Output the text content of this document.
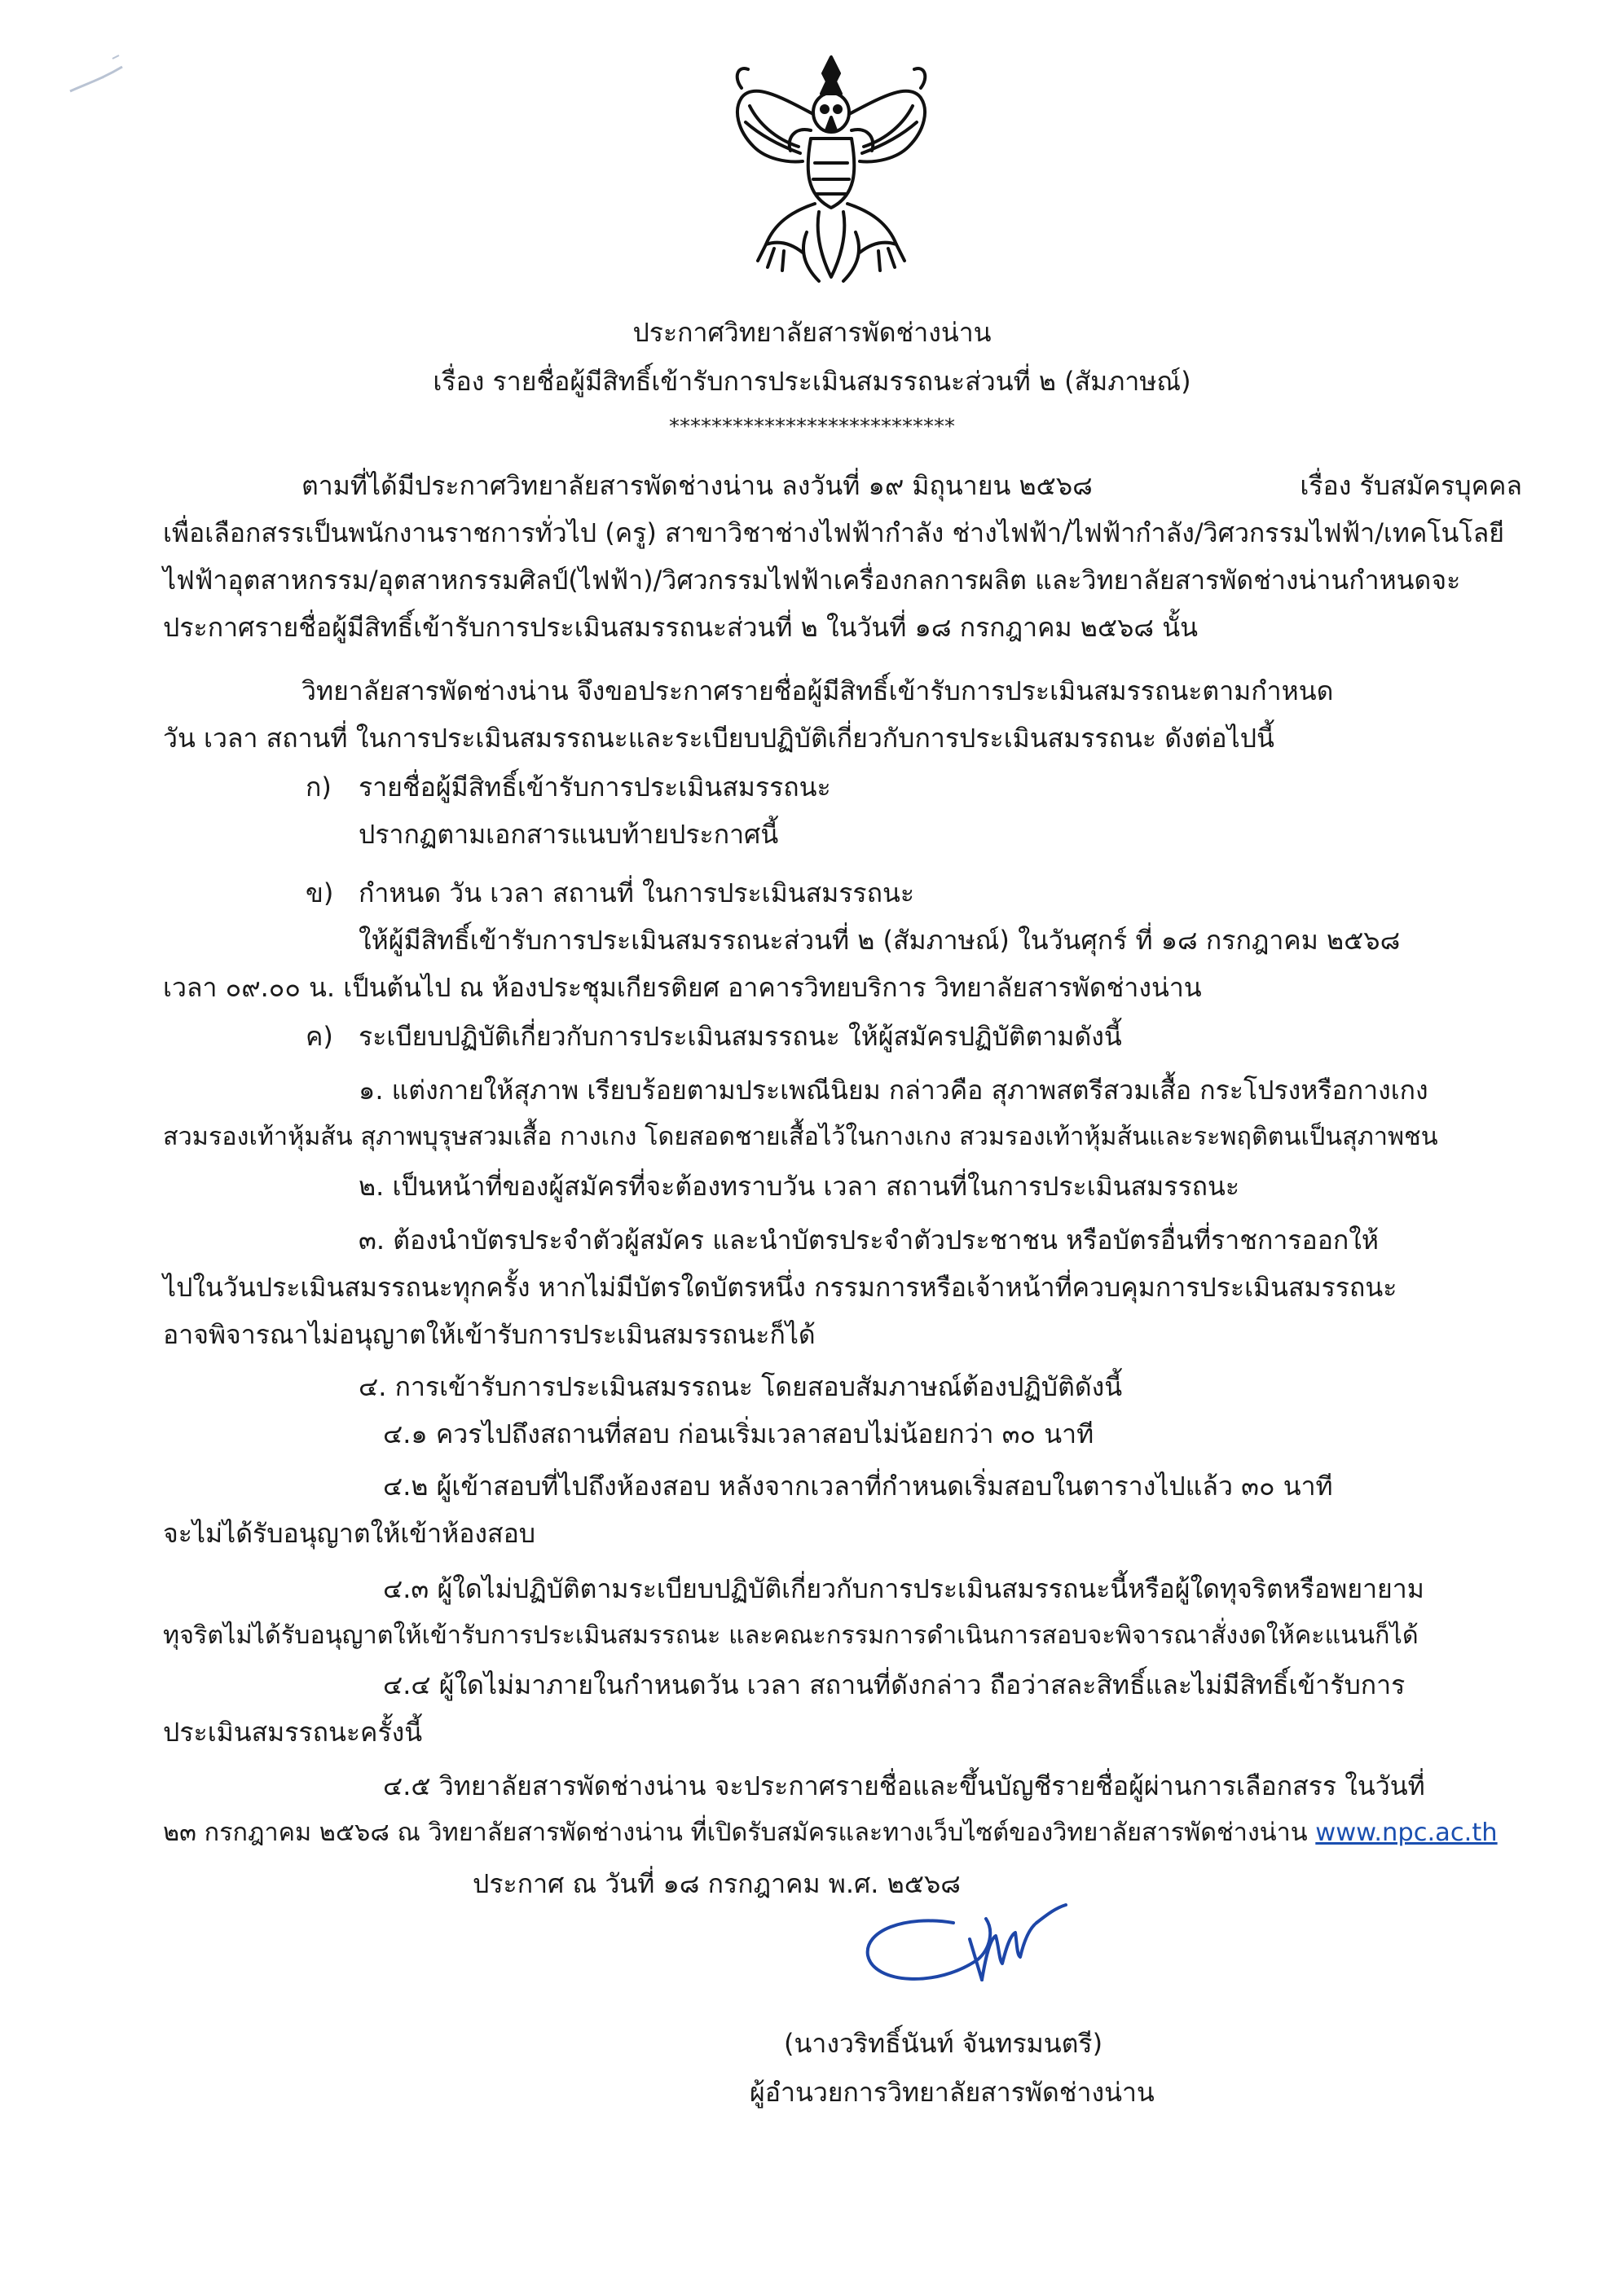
ประกาศวิทยาลัยสารพัดช่างน่าน
เรื่อง รายชื่อผู้มีสิทธิ์เข้ารับการประเมินสมรรถนะส่วนที่ ๒ (สัมภาษณ์)
***************************
ตามที่ได้มีประกาศวิทยาลัยสารพัดช่างน่าน ลงวันที่ ๑๙ มิถุนายน ๒๕๖๘	เรื่อง รับสมัครบุคคล
เพื่อเลือกสรรเป็นพนักงานราชการทั่วไป (ครู) สาขาวิชาช่างไฟฟ้ากำลัง ช่างไฟฟ้า/ไฟฟ้ากำลัง/วิศวกรรมไฟฟ้า/เทคโนโลยี
ไฟฟ้าอุตสาหกรรม/อุตสาหกรรมศิลป์(ไฟฟ้า)/วิศวกรรมไฟฟ้าเครื่องกลการผลิต และวิทยาลัยสารพัดช่างน่านกำหนดจะ
ประกาศรายชื่อผู้มีสิทธิ์เข้ารับการประเมินสมรรถนะส่วนที่ ๒ ในวันที่ ๑๘ กรกฎาคม ๒๕๖๘ นั้น
วิทยาลัยสารพัดช่างน่าน จึงขอประกาศรายชื่อผู้มีสิทธิ์เข้ารับการประเมินสมรรถนะตามกำหนด
วัน เวลา สถานที่ ในการประเมินสมรรถนะและระเบียบปฏิบัติเกี่ยวกับการประเมินสมรรถนะ ดังต่อไปนี้
ก) รายชื่อผู้มีสิทธิ์เข้ารับการประเมินสมรรถนะ
ปรากฏตามเอกสารแนบท้ายประกาศนี้
ข) กำหนด วัน เวลา สถานที่ ในการประเมินสมรรถนะ
ให้ผู้มีสิทธิ์เข้ารับการประเมินสมรรถนะส่วนที่ ๒ (สัมภาษณ์) ในวันศุกร์ ที่ ๑๘ กรกฎาคม ๒๕๖๘
เวลา ๐๙.๐๐ น. เป็นต้นไป ณ ห้องประชุมเกียรติยศ อาคารวิทยบริการ วิทยาลัยสารพัดช่างน่าน
ค) ระเบียบปฏิบัติเกี่ยวกับการประเมินสมรรถนะ ให้ผู้สมัครปฏิบัติตามดังนี้
๑. แต่งกายให้สุภาพ เรียบร้อยตามประเพณีนิยม กล่าวคือ สุภาพสตรีสวมเสื้อ กระโปรงหรือกางเกง
สวมรองเท้าหุ้มส้น สุภาพบุรุษสวมเสื้อ กางเกง โดยสอดชายเสื้อไว้ในกางเกง สวมรองเท้าหุ้มส้นและระพฤติตนเป็นสุภาพชน
๒. เป็นหน้าที่ของผู้สมัครที่จะต้องทราบวัน เวลา สถานที่ในการประเมินสมรรถนะ
๓. ต้องนำบัตรประจำตัวผู้สมัคร และนำบัตรประจำตัวประชาชน หรือบัตรอื่นที่ราชการออกให้
ไปในวันประเมินสมรรถนะทุกครั้ง หากไม่มีบัตรใดบัตรหนึ่ง กรรมการหรือเจ้าหน้าที่ควบคุมการประเมินสมรรถนะ
อาจพิจารณาไม่อนุญาตให้เข้ารับการประเมินสมรรถนะก็ได้
๔. การเข้ารับการประเมินสมรรถนะ โดยสอบสัมภาษณ์ต้องปฏิบัติดังนี้
๔.๑ ควรไปถึงสถานที่สอบ ก่อนเริ่มเวลาสอบไม่น้อยกว่า ๓๐ นาที
๔.๒ ผู้เข้าสอบที่ไปถึงห้องสอบ หลังจากเวลาที่กำหนดเริ่มสอบในตารางไปแล้ว ๓๐ นาที
จะไม่ได้รับอนุญาตให้เข้าห้องสอบ
๔.๓ ผู้ใดไม่ปฏิบัติตามระเบียบปฏิบัติเกี่ยวกับการประเมินสมรรถนะนี้หรือผู้ใดทุจริตหรือพยายาม
ทุจริตไม่ได้รับอนุญาตให้เข้ารับการประเมินสมรรถนะ และคณะกรรมการดำเนินการสอบจะพิจารณาสั่งงดให้คะแนนก็ได้
๔.๔ ผู้ใดไม่มาภายในกำหนดวัน เวลา สถานที่ดังกล่าว ถือว่าสละสิทธิ์และไม่มีสิทธิ์เข้ารับการ
ประเมินสมรรถนะครั้งนี้
๔.๕ วิทยาลัยสารพัดช่างน่าน จะประกาศรายชื่อและขึ้นบัญชีรายชื่อผู้ผ่านการเลือกสรร ในวันที่
๒๓ กรกฎาคม ๒๕๖๘ ณ วิทยาลัยสารพัดช่างน่าน ที่เปิดรับสมัครและทางเว็บไซต์ของวิทยาลัยสารพัดช่างน่าน www.npc.ac.th
ประกาศ ณ วันที่ ๑๘ กรกฎาคม พ.ศ. ๒๕๖๘
(นางวริทธิ์นันท์ จันทรมนตรี)
ผู้อำนวยการวิทยาลัยสารพัดช่างน่าน
